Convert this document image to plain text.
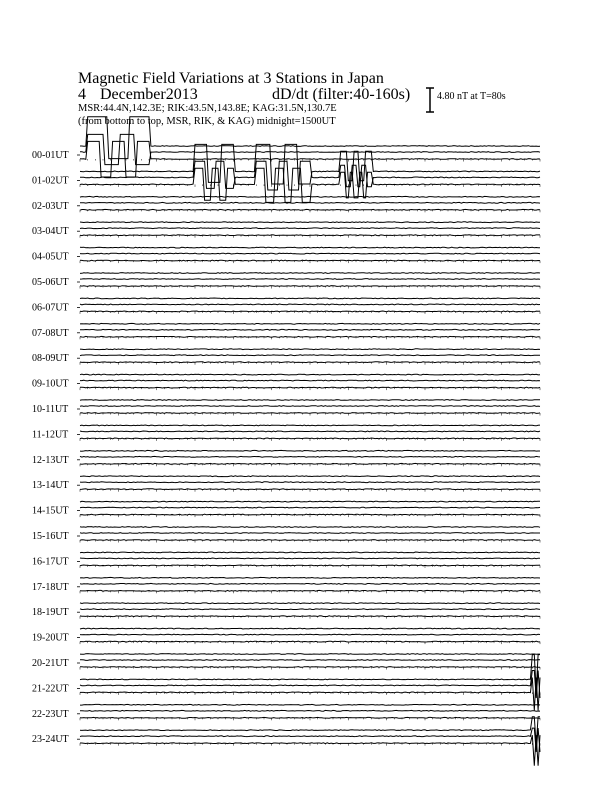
Magnetic Field Variations at 3 Stations in Japan
4 December2013	dD/dt (filter:40-160s)
MSR:44.4N,142.3E; RIK:43.5N,143.8E; KAG:31.5N,130.7E
(from bottom to top, MSR, RIK, & KAG) midnight=1500UT
4.80 nT at T=80s
00-01UT
01-02UT
02-03UT
03-04UT
04-05UT
05-06UT
06-07UT
07-08UT
08-09UT
09-10UT
10-11UT
11-12UT
12-13UT
13-14UT
14-15UT
15-16UT
16-17UT
17-18UT
18-19UT
19-20UT
20-21UT
21-22UT
22-23UT
23-24UT
